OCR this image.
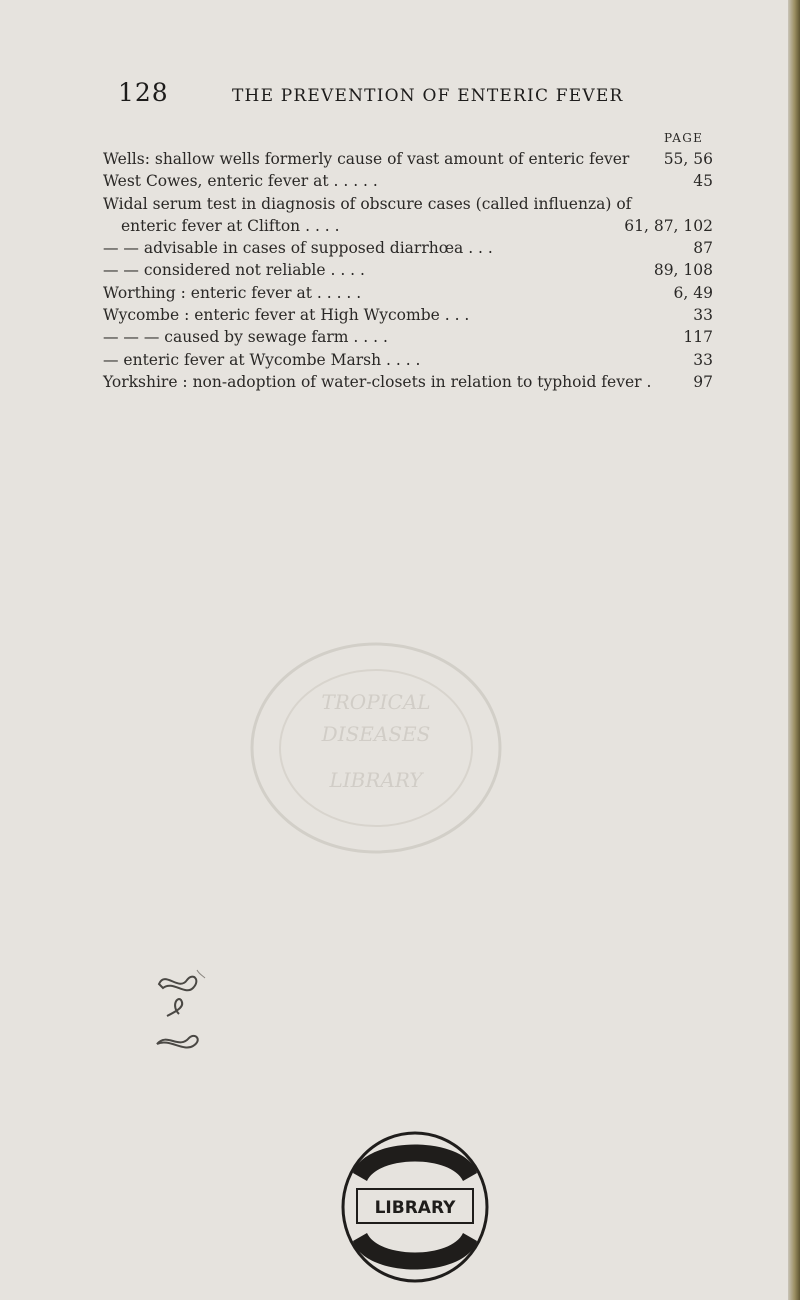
128	THE PREVENTION OF ENTERIC FEVER
PAGE
Wells: shallow wells formerly cause of vast amount of enteric fever 55, 56
West Cowes, enteric fever at . . . . .	45
Widal serum test in diagnosis of obscure cases (called influenza) of
enteric fever at Clifton . . . .	61, 87, 102
— — advisable in cases of supposed diarrhœa . . .	87
— — considered not reliable . . . .	89, 108
Worthing : enteric fever at . . . . .	6, 49
Wycombe : enteric fever at High Wycombe . . .	33
— — — caused by sewage farm . . . .	117
— enteric fever at Wycombe Marsh . . . .	33
Yorkshire : non-adoption of water-closets in relation to typhoid fever .	97
TROPICAL
DISEASES
LIBRARY
LIBRARY
